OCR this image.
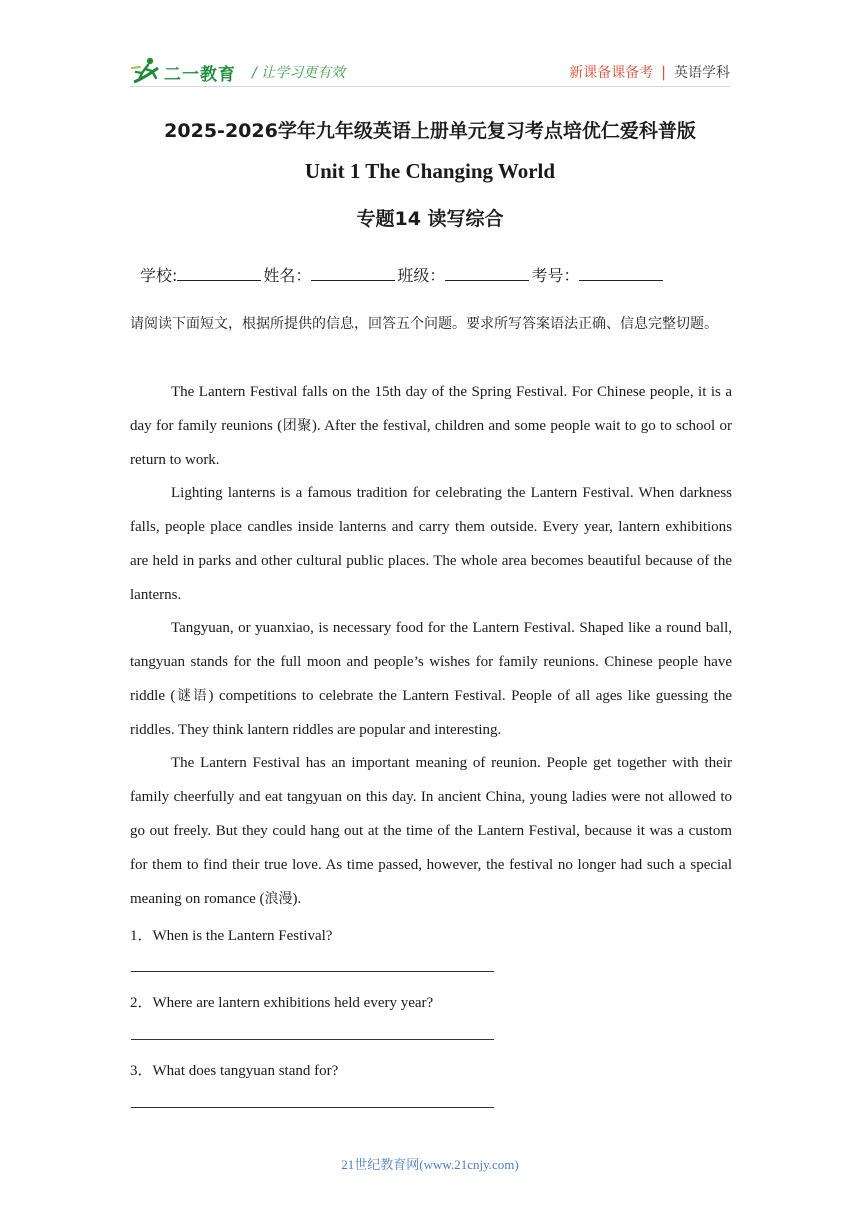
二一教育 / 让学习更有效	新课备课备考 | 英语学科
2025-2026学年九年级英语上册单元复习考点培优仁爱科普版
Unit 1 The Changing World
专题14 读写综合
学校:	姓名：	班级：	考号：

请阅读下面短文，根据所提供的信息，回答五个问题。要求所写答案语法正确、信息完整切题。

The Lantern Festival falls on the 15th day of the Spring Festival. For Chinese people, it is a day for family reunions (团聚). After the festival, children and some people wait to go to school or return to work.

Lighting lanterns is a famous tradition for celebrating the Lantern Festival. When darkness falls, people place candles inside lanterns and carry them outside. Every year, lantern exhibitions are held in parks and other cultural public places. The whole area becomes beautiful because of the lanterns.

Tangyuan, or yuanxiao, is necessary food for the Lantern Festival. Shaped like a round ball, tangyuan stands for the full moon and people’s wishes for family reunions. Chinese people have riddle (谜语) competitions to celebrate the Lantern Festival. People of all ages like guessing the riddles. They think lantern riddles are popular and interesting.

The Lantern Festival has an important meaning of reunion. People get together with their family cheerfully and eat tangyuan on this day. In ancient China, young ladies were not allowed to go out freely. But they could hang out at the time of the Lantern Festival, because it was a custom for them to find their true love. As time passed, however, the festival no longer had such a special meaning on romance (浪漫).

1．When is the Lantern Festival?
2．Where are lantern exhibitions held every year?
3．What does tangyuan stand for?
21世纪教育网(www.21cnjy.com)
